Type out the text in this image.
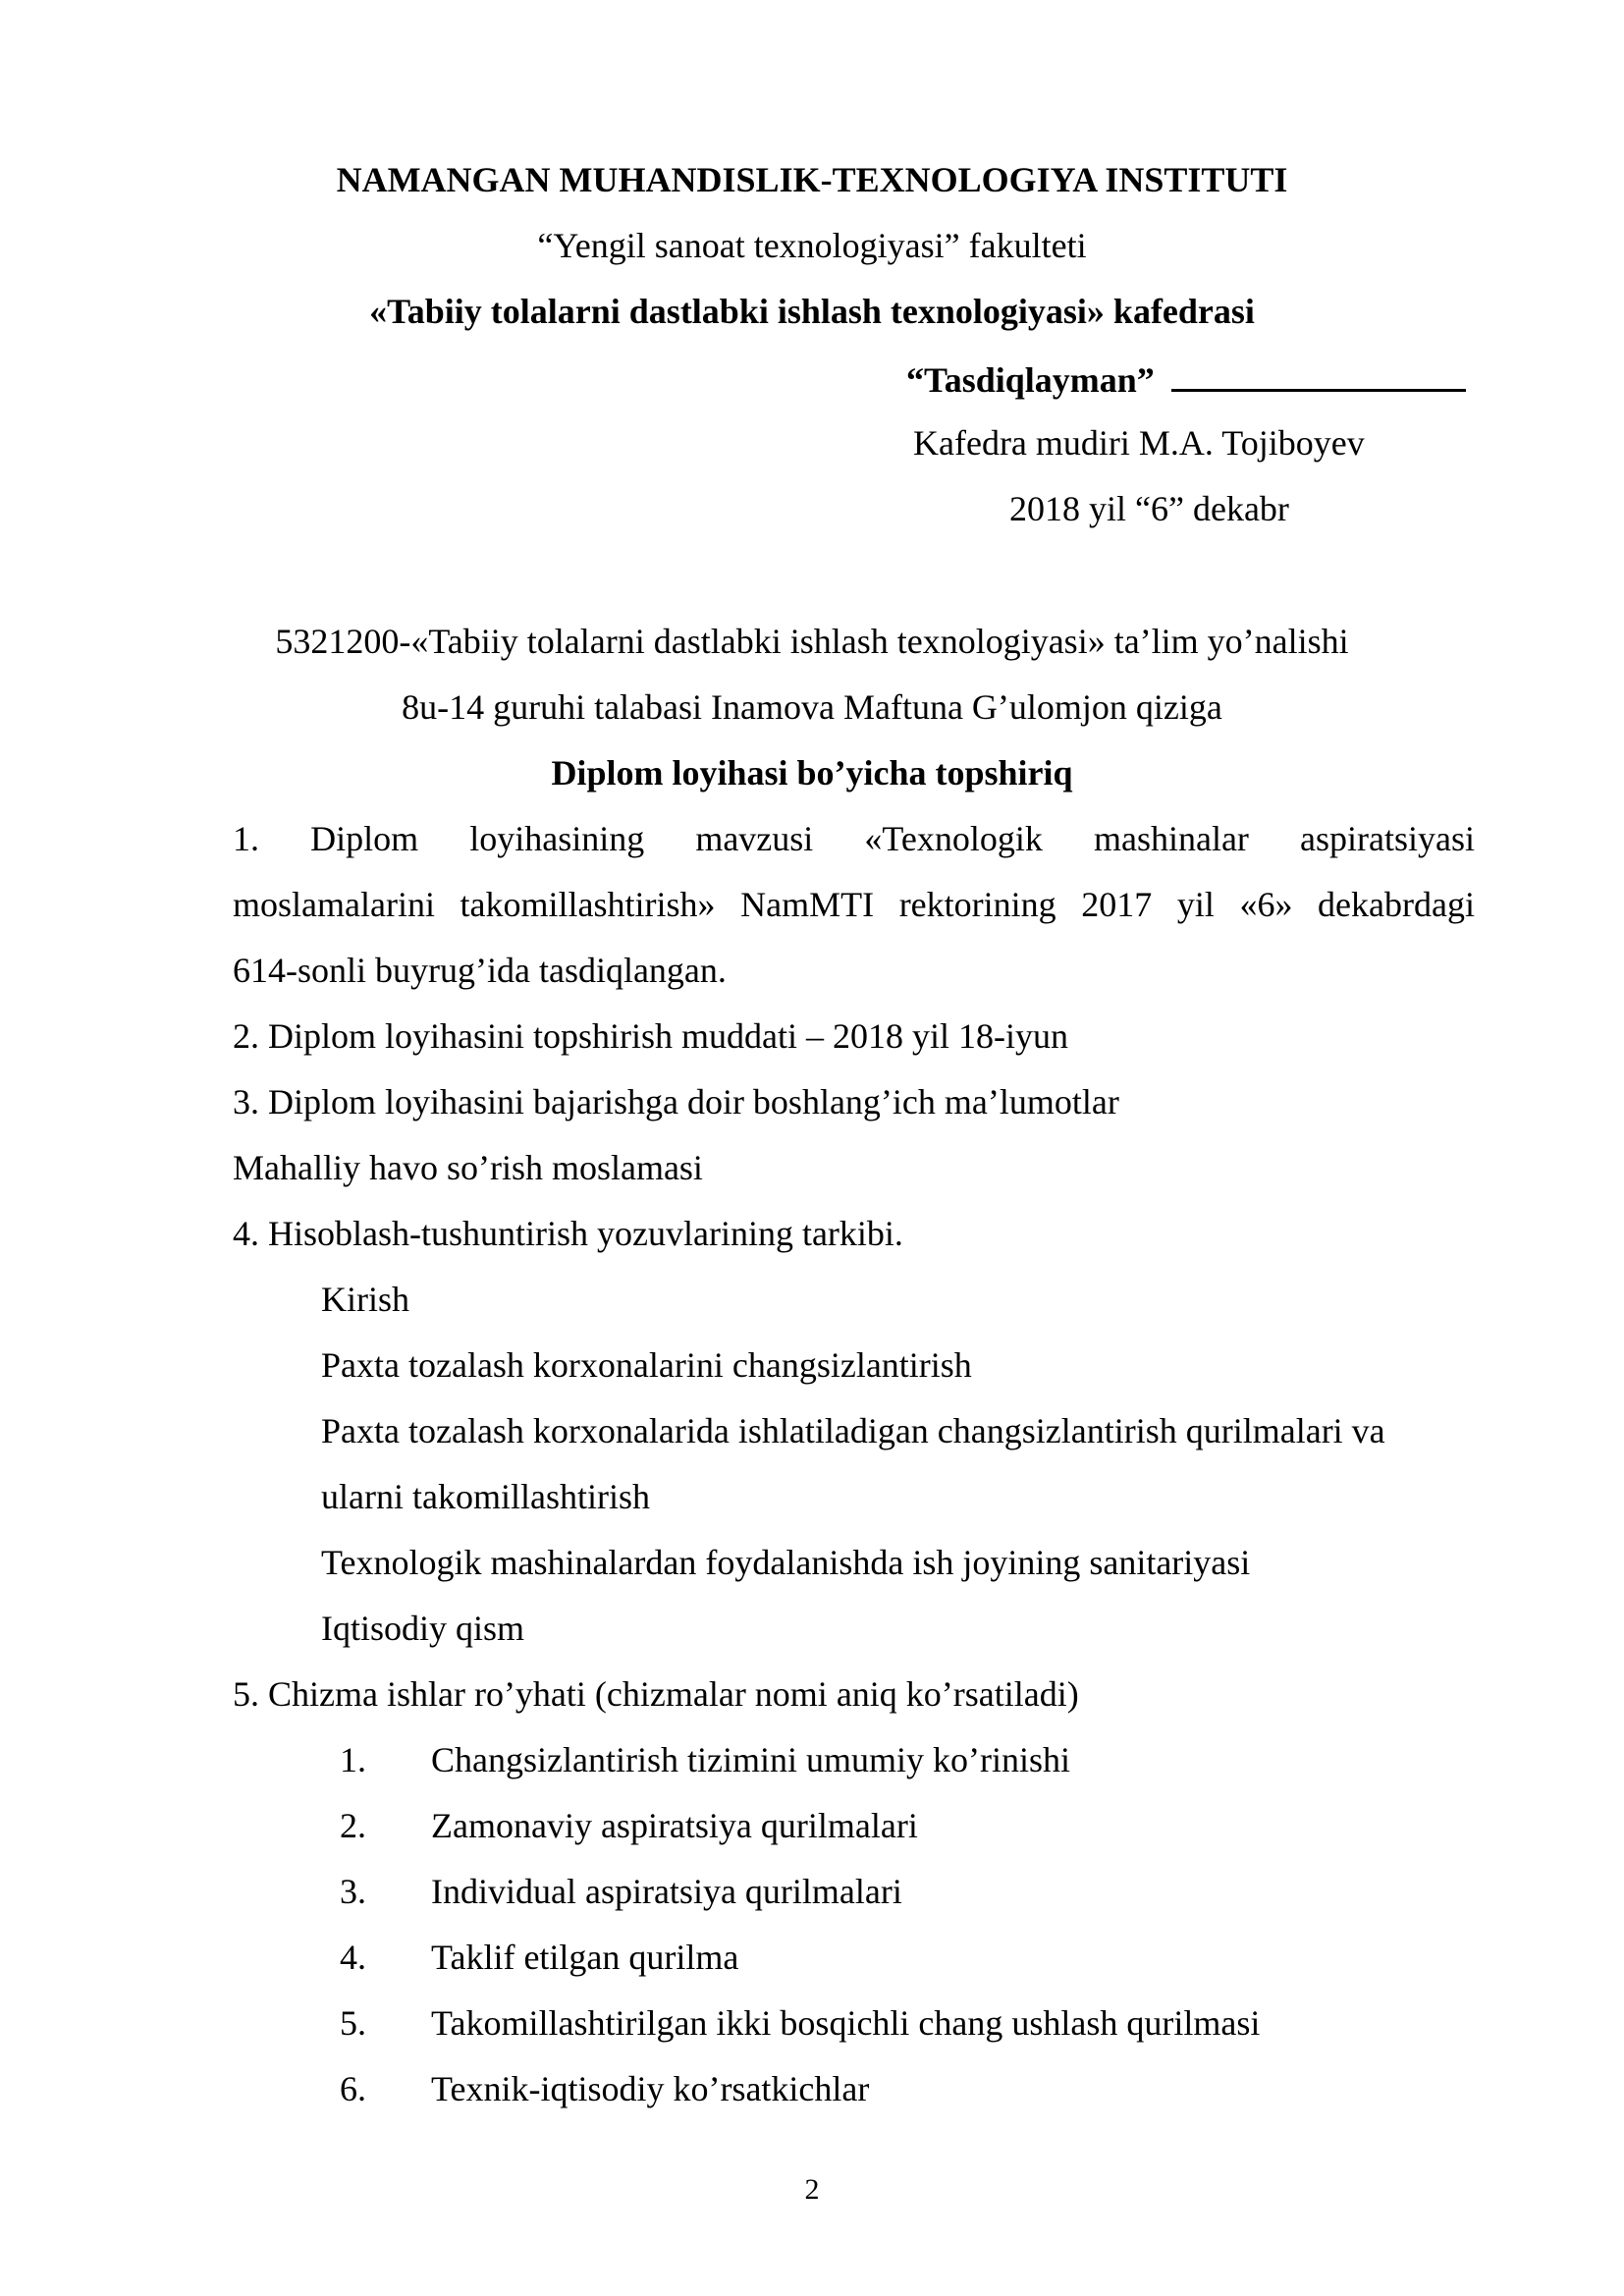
NAMANGAN MUHANDISLIK-TEXNOLOGIYA INSTITUTI
“Yengil sanoat texnologiyasi” fakulteti
«Tabiiy tolalarni dastlabki ishlash texnologiyasi» kafedrasi
“Tasdiqlayman”
Kafedra mudiri M.A. Tojiboyev
2018 yil “6” dekabr
5321200-«Tabiiy tolalarni dastlabki ishlash texnologiyasi» ta’lim yo’nalishi
8u-14 guruhi talabasi Inamova Maftuna G’ulomjon qiziga
Diplom loyihasi bo’yicha topshiriq
1. Diplom loyihasining mavzusi «Texnologik mashinalar aspiratsiyasi
moslamalarini takomillashtirish» NamMTI rektorining 2017 yil «6» dekabrdagi
614-sonli buyrug’ida tasdiqlangan.
2. Diplom loyihasini topshirish muddati – 2018 yil 18-iyun
3. Diplom loyihasini bajarishga doir boshlang’ich ma’lumotlar
Mahalliy havo so’rish moslamasi
4. Hisoblash-tushuntirish yozuvlarining tarkibi.
Kirish
Paxta tozalash korxonalarini changsizlantirish
Paxta tozalash korxonalarida ishlatiladigan changsizlantirish qurilmalari va
ularni takomillashtirish
Texnologik mashinalardan foydalanishda ish joyining sanitariyasi
Iqtisodiy qism
5. Chizma ishlar ro’yhati (chizmalar nomi aniq ko’rsatiladi)
1. Changsizlantirish tizimini umumiy ko’rinishi
2. Zamonaviy aspiratsiya qurilmalari
3. Individual aspiratsiya qurilmalari
4. Taklif etilgan qurilma
5. Takomillashtirilgan ikki bosqichli chang ushlash qurilmasi
6. Texnik-iqtisodiy ko’rsatkichlar
2
